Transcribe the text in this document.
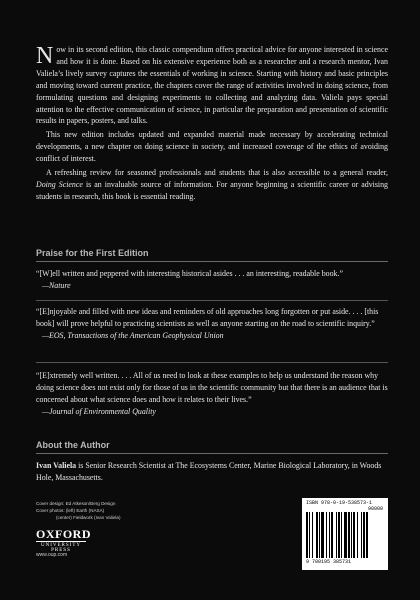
Now in its second edition, this classic compendium offers practical advice for anyone interested in science and how it is done. Based on his extensive experience both as a researcher and a research mentor, Ivan Valiela’s lively survey captures the essentials of working in science. Starting with history and basic principles and moving toward current practice, the chapters cover the range of activities involved in doing science, from formulating questions and designing experiments to collecting and analyzing data. Valiela pays special attention to the effective communication of science, in particular the preparation and presentation of scientific results in papers, posters, and talks.

This new edition includes updated and expanded material made necessary by accelerating technical developments, a new chapter on doing science in society, and increased coverage of the ethics of avoiding conflict of interest.

A refreshing review for seasoned professionals and students that is also accessible to a general reader, Doing Science is an invaluable source of information. For anyone beginning a scientific career or advising students in research, this book is essential reading.

Praise for the First Edition
“[W]ell written and peppered with interesting historical asides . . . an interesting, readable book.”
—Nature
“[E]njoyable and filled with new ideas and reminders of old approaches long forgotten or put aside. . . . [this book] will prove helpful to practicing scientists as well as anyone starting on the road to scientific inquiry.”
—EOS, Transactions of the American Geophysical Union
“[E]xtremely well written. . . . All of us need to look at these examples to help us understand the reason why doing science does not exist only for those of us in the scientific community but that there is an audience that is concerned about what science does and how it relates to their lives.”
—Journal of Environmental Quality
About the Author
Ivan Valiela is Senior Research Scientist at The Ecosystems Center, Marine Biological Laboratory, in Woods Hole, Massachusetts.
Cover design: Ed Atkeson/Berg Design
Cover photos: (left) Earth (NASA)
(center) Fieldwork (Ivan Valiela)
OXFORD
UNIVERSITY PRESS
www.oup.com
ISBN 978-0-19-538573-1
90000
9 780195 385731
